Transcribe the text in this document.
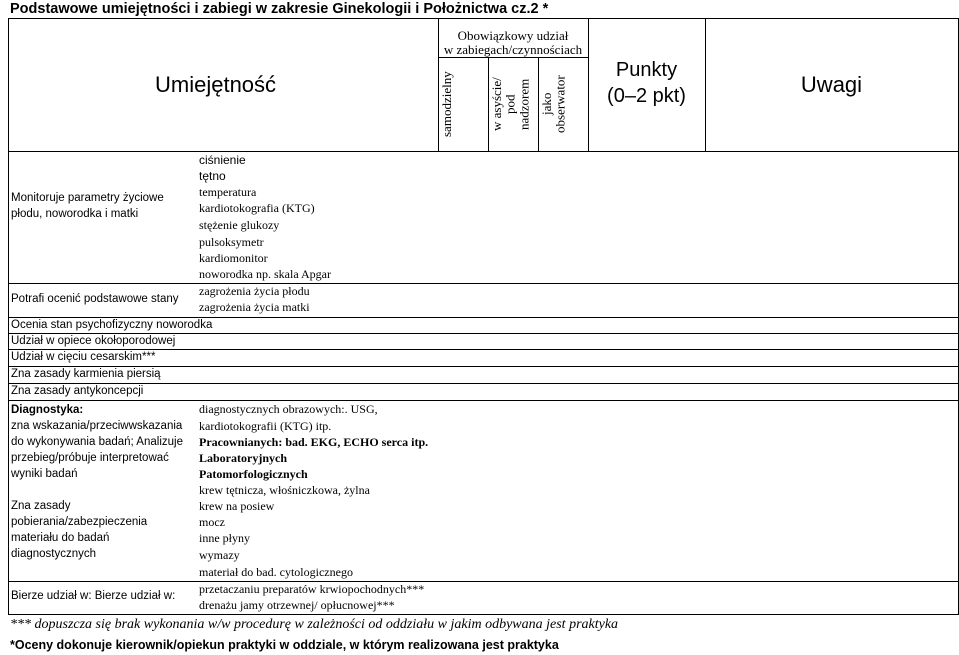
Podstawowe umiejętności i zabiegi w zakresie Ginekologii i Położnictwa cz.2 *
Umiejętność
Obowiązkowy udział
w zabiegach/czynnościach
samodzielny	w asyście/
pod
nadzorem jako
obserwator
Punkty
(0–2 pkt)	Uwagi
Monitoruje parametry życiowe
płodu, noworodka i matki
ciśnienie
tętno
temperatura
kardiotokografia (KTG)
stężenie glukozy
pulsoksymetr
kardiomonitor
noworodka np. skala Apgar
Potrafi ocenić podstawowe stany
zagrożenia życia płodu
zagrożenia życia matki
Ocenia stan psychofizyczny noworodka
Udział w opiece okołoporodowej
Udział w cięciu cesarskim***
Zna zasady karmienia piersią
Zna zasady antykoncepcji
Diagnostyka:
zna wskazania/przeciwwskazania
do wykonywania badań; Analizuje
przebieg/próbuje interpretować
wyniki badań
diagnostycznych obrazowych:. USG,
kardiotokografii (KTG) itp.
Pracownianych: bad. EKG, ECHO serca itp.
Laboratoryjnych
Patomorfologicznych
Zna zasady
pobierania/zabezpieczenia
materiału do badań
diagnostycznych
krew tętnicza, włośniczkowa, żylna
krew na posiew
mocz
inne płyny
wymazy
materiał do bad. cytologicznego
Bierze udział w: Bierze udział w: przetaczaniu preparatów krwiopochodnych***
drenażu jamy otrzewnej/ opłucnowej***
*** dopuszcza się brak wykonania w/w procedurę w zależności od oddziału w jakim odbywana jest praktyka
*Oceny dokonuje kierownik/opiekun praktyki w oddziale, w którym realizowana jest praktyka
